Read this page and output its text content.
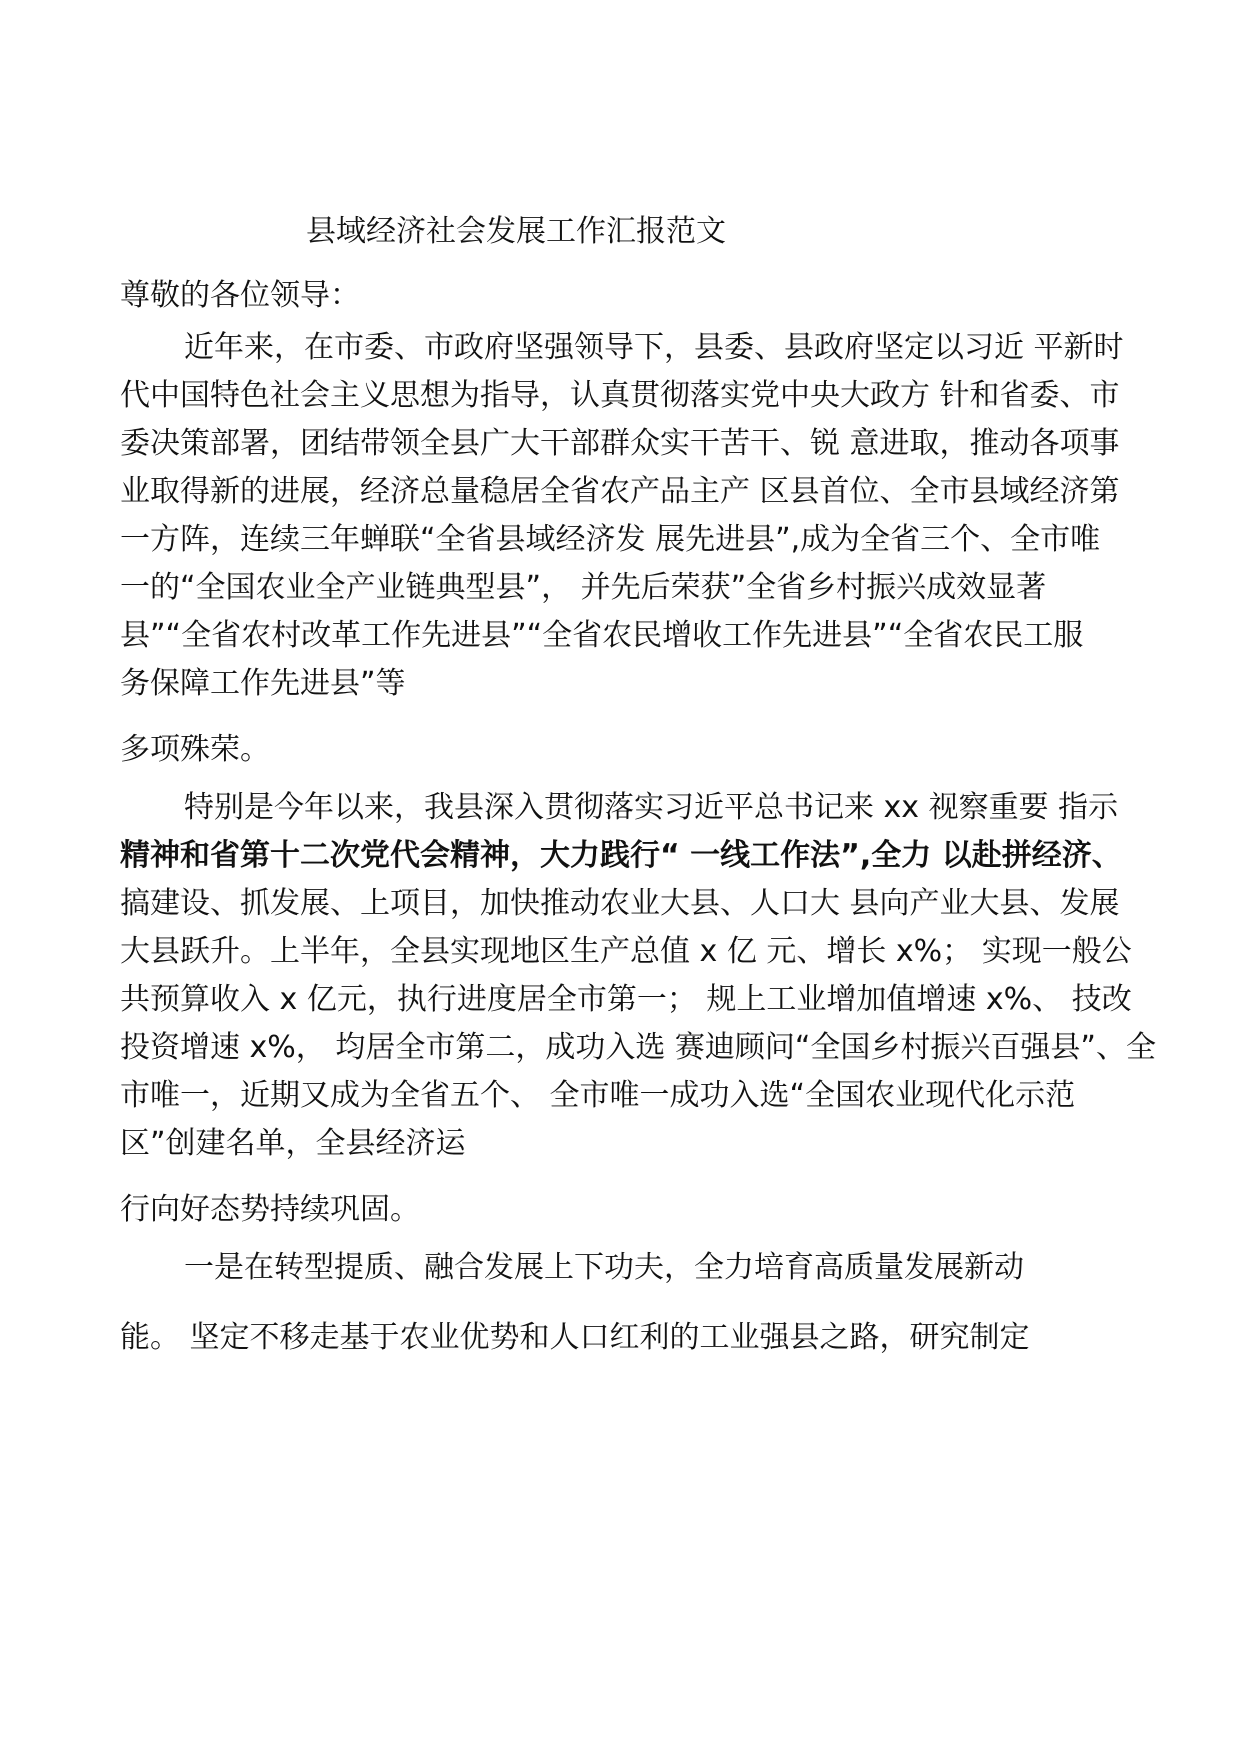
县域经济社会发展工作汇报范文
尊敬的各位领导：
近年来，在市委、市政府坚强领导下，县委、县政府坚定以习近 平新时
代中国特色社会主义思想为指导，认真贯彻落实党中央大政方 针和省委、市
委决策部署，团结带领全县广大干部群众实干苦干、锐 意进取，推动各项事
业取得新的进展，经济总量稳居全省农产品主产 区县首位、全市县域经济第
一方阵，连续三年蝉联“全省县域经济发 展先进县”,成为全省三个、全市唯
一的“全国农业全产业链典型县”， 并先后荣获”全省乡村振兴成效显著
县”“全省农村改革工作先进县”“全省农民增收工作先进县”“全省农民工服
务保障工作先进县”等
多项殊荣。
特别是今年以来，我县深入贯彻落实习近平总书记来 xx 视察重要 指示
精神和省第十二次党代会精神，大力践行“ 一线工作法”,全力 以赴拼经济、
搞建设、抓发展、上项目，加快推动农业大县、人口大 县向产业大县、发展
大县跃升。上半年，全县实现地区生产总值 x 亿 元、增长 x%； 实现一般公
共预算收入 x 亿元，执行进度居全市第一； 规上工业增加值增速 x%、 技改
投资增速 x%， 均居全市第二，成功入选 赛迪顾问“全国乡村振兴百强县”、全
市唯一，近期又成为全省五个、 全市唯一成功入选“全国农业现代化示范
区”创建名单，全县经济运
行向好态势持续巩固。
一是在转型提质、融合发展上下功夫，全力培育高质量发展新动
能。 坚定不移走基于农业优势和人口红利的工业强县之路，研究制定
